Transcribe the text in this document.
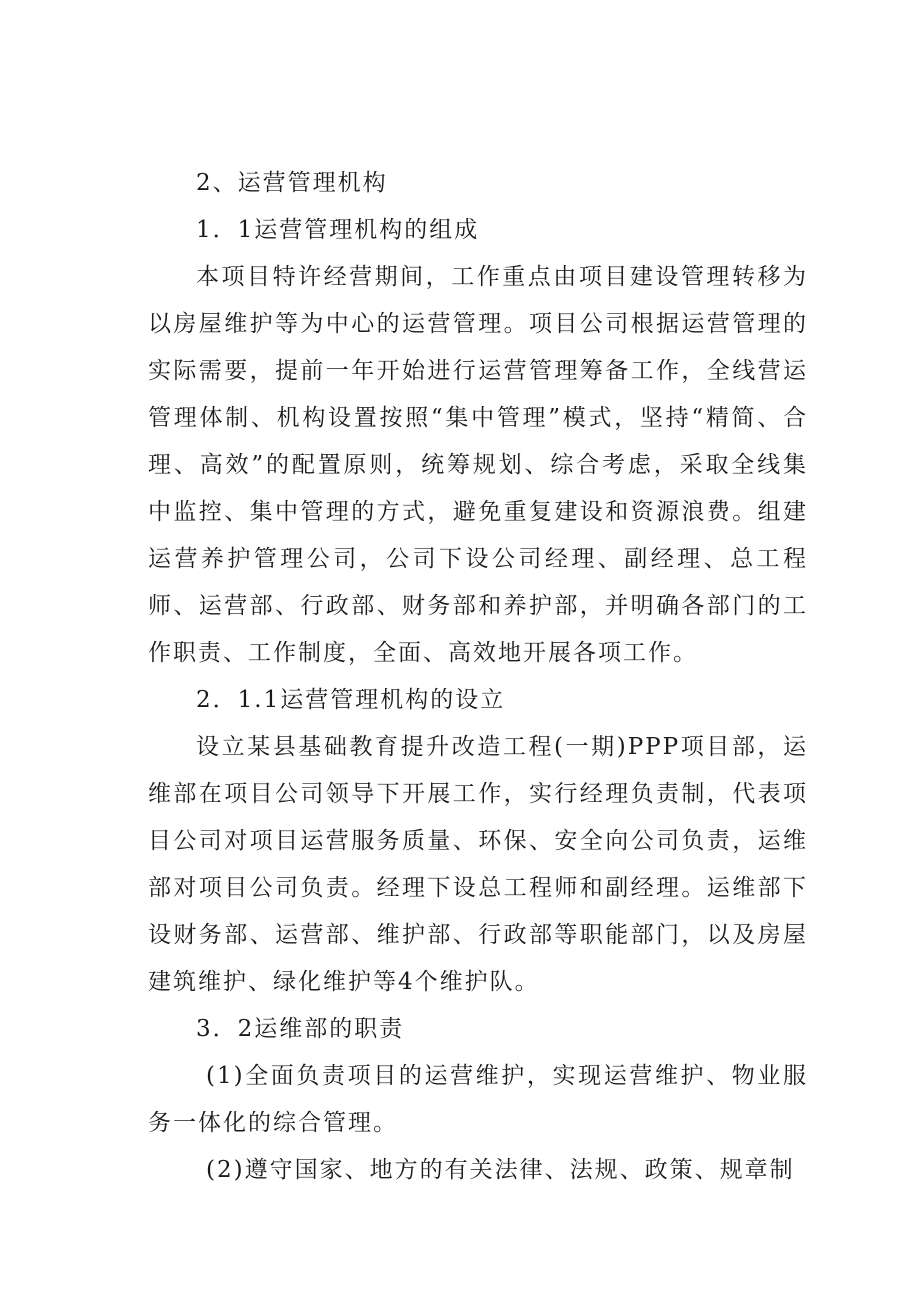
2、运营管理机构

1．1运营管理机构的组成

本项目特许经营期间，工作重点由项目建设管理转移为以房屋维护等为中心的运营管理。项目公司根据运营管理的实际需要，提前一年开始进行运营管理筹备工作，全线营运管理体制、机构设置按照“集中管理”模式，坚持“精简、合理、高效”的配置原则，统筹规划、综合考虑，采取全线集中监控、集中管理的方式，避免重复建设和资源浪费。组建运营养护管理公司，公司下设公司经理、副经理、总工程师、运营部、行政部、财务部和养护部，并明确各部门的工作职责、工作制度，全面、高效地开展各项工作。

2．1.1运营管理机构的设立

设立某县基础教育提升改造工程(一期)PPP项目部，运维部在项目公司领导下开展工作，实行经理负责制，代表项目公司对项目运营服务质量、环保、安全向公司负责，运维部对项目公司负责。经理下设总工程师和副经理。运维部下设财务部、运营部、维护部、行政部等职能部门，以及房屋建筑维护、绿化维护等4个维护队。

3．2运维部的职责

(1)全面负责项目的运营维护，实现运营维护、物业服务一体化的综合管理。

(2)遵守国家、地方的有关法律、法规、政策、规章制
